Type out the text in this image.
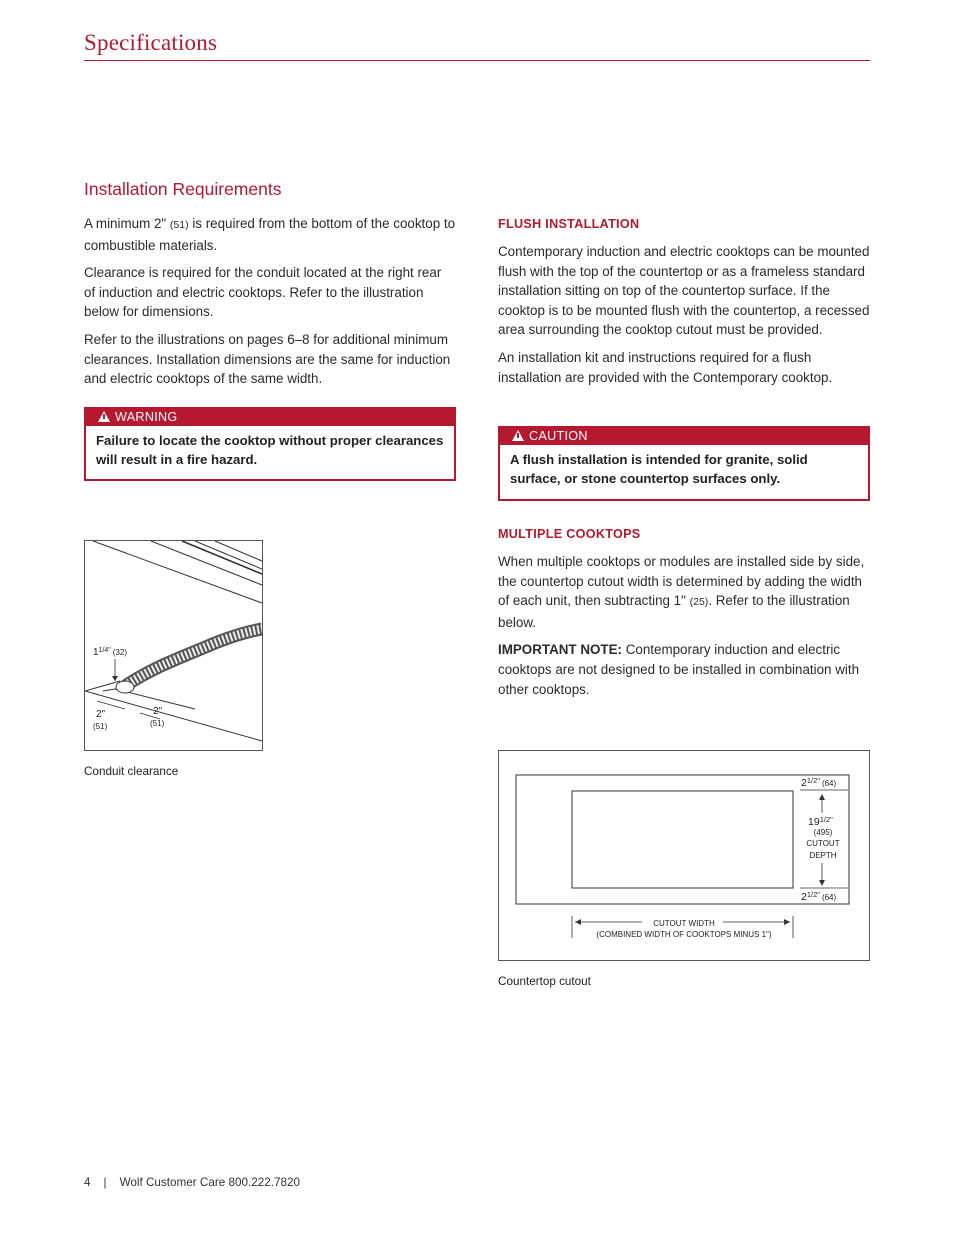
Specifications
Installation Requirements

A minimum 2" (51) is required from the bottom of the cooktop to combustible materials.

Clearance is required for the conduit located at the right rear of induction and electric cooktops. Refer to the illustration below for dimensions.

Refer to the illustrations on pages 6–8 for additional minimum clearances. Installation dimensions are the same for induction and electric cooktops of the same width.

WARNING
Failure to locate the cooktop without proper clearances will result in a fire hazard.
$1^{1/4"}$ $_{(32)}$
2"
(51)
2"
(51)
Conduit clearance
FLUSH INSTALLATION

Contemporary induction and electric cooktops can be mounted flush with the top of the countertop or as a frameless standard installation sitting on top of the countertop surface. If the cooktop is to be mounted flush with the countertop, a recessed area surrounding the cooktop cutout must be provided.

An installation kit and instructions required for a flush installation are provided with the Contemporary cooktop.

CAUTION
A flush installation is intended for granite, solid surface, or stone countertop surfaces only.
MULTIPLE COOKTOPS

When multiple cooktops or modules are installed side by side, the countertop cutout width is determined by adding the width of each unit, then subtracting 1" (25). Refer to the illustration below.

IMPORTANT NOTE: Contemporary induction and electric cooktops are not designed to be installed in combination with other cooktops.

$2^{1/2"}$ $_{(64)}$
$19^{1/2"}$
(495)
CUTOUT
DEPTH
$2^{1/2"}$ $_{(64)}$
CUTOUT WIDTH
(COMBINED WIDTH OF COOKTOPS MINUS 1")
Countertop cutout
4 | Wolf Customer Care 800.222.7820
